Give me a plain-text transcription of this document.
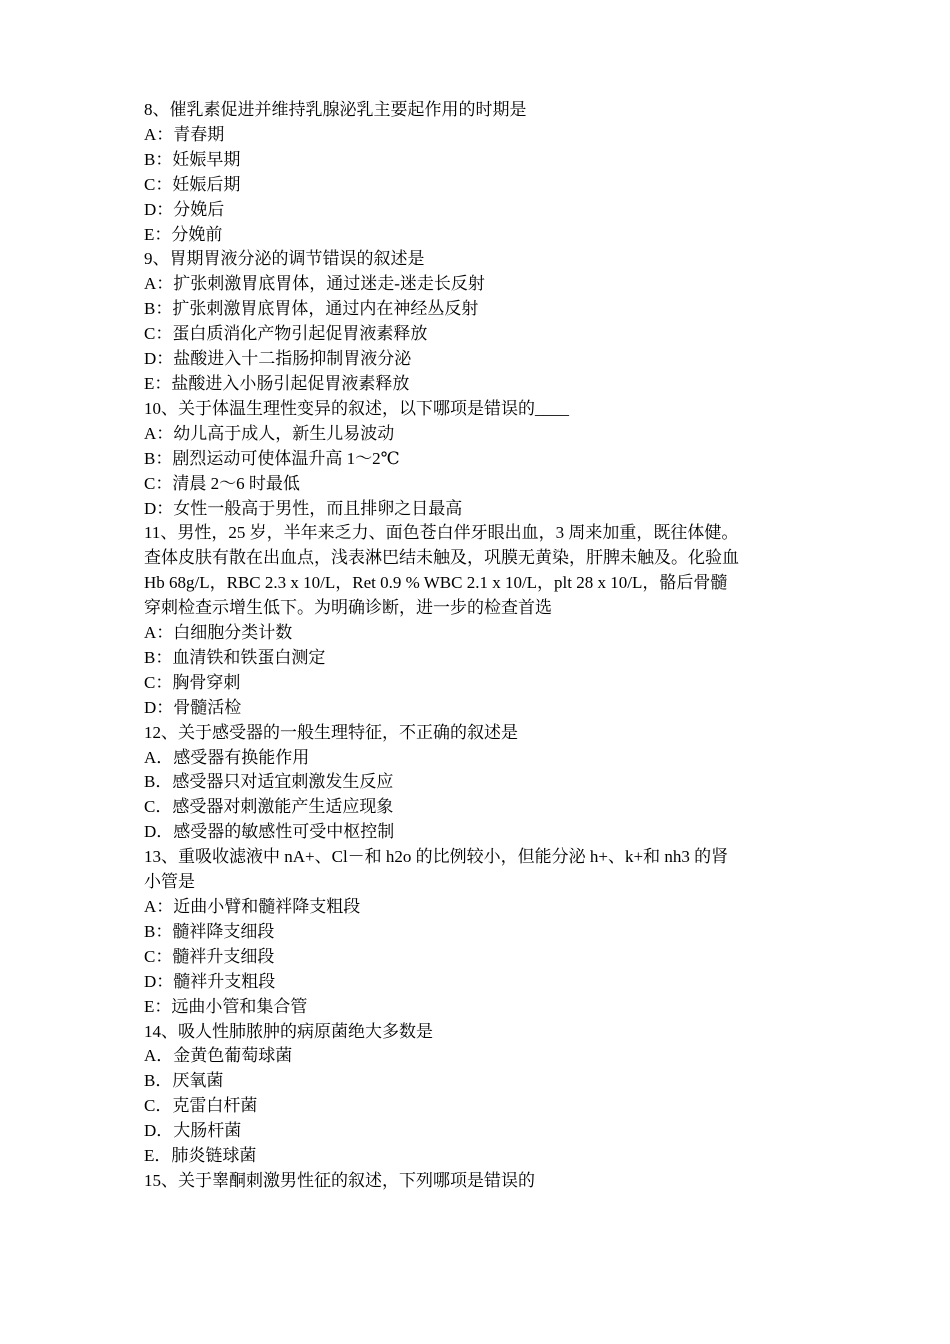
8、催乳素促进并维持乳腺泌乳主要起作用的时期是

A：青春期

B：妊娠早期

C：妊娠后期

D：分娩后

E：分娩前

9、胃期胃液分泌的调节错误的叙述是

A：扩张刺激胃底胃体，通过迷走-迷走长反射

B：扩张刺激胃底胃体，通过内在神经丛反射

C：蛋白质消化产物引起促胃液素释放

D：盐酸进入十二指肠抑制胃液分泌

E：盐酸进入小肠引起促胃液素释放

10、关于体温生理性变异的叙述，以下哪项是错误的____

A：幼儿高于成人，新生儿易波动

B：剧烈运动可使体温升高 1～2℃

C：清晨 2～6 时最低

D：女性一般高于男性，而且排卵之日最高

11、男性，25 岁，半年来乏力、面色苍白伴牙眼出血，3 周来加重，既往体健。

查体皮肤有散在出血点，浅表淋巴结未触及，巩膜无黄染，肝脾未触及。化验血

Hb 68g/L，RBC 2.3 x 10/L，Ret 0.9 % WBC 2.1 x 10/L，plt 28 x 10/L，骼后骨髓

穿刺检查示增生低下。为明确诊断，进一步的检查首选

A：白细胞分类计数

B：血清铁和铁蛋白测定

C：胸骨穿刺

D：骨髓活检

12、关于感受器的一般生理特征，不正确的叙述是

A．感受器有换能作用

B．感受器只对适宜刺激发生反应

C．感受器对刺激能产生适应现象

D．感受器的敏感性可受中枢控制

13、重吸收滤液中 nA+、Cl－和 h2o 的比例较小，但能分泌 h+、k+和 nh3 的肾

小管是

A：近曲小臂和髓袢降支粗段

B：髓袢降支细段

C：髓袢升支细段

D：髓袢升支粗段

E：远曲小管和集合管

14、吸人性肺脓肿的病原菌绝大多数是

A．金黄色葡萄球菌

B．厌氧菌

C．克雷白杆菌

D．大肠杆菌

E．肺炎链球菌

15、关于睾酮刺激男性征的叙述，下列哪项是错误的
